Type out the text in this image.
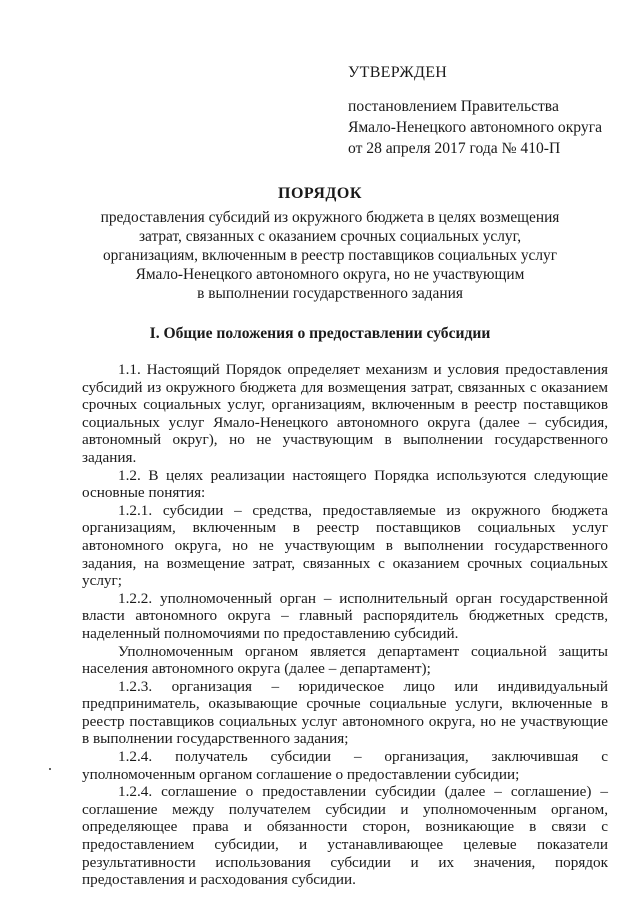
УТВЕРЖДЕН
постановлением Правительства
Ямало-Ненецкого автономного округа
от 28 апреля 2017 года № 410-П
ПОРЯДОК
предоставления субсидий из окружного бюджета в целях возмещения
затрат, связанных с оказанием срочных социальных услуг,
организациям, включенным в реестр поставщиков социальных услуг
Ямало-Ненецкого автономного округа, но не участвующим
в выполнении государственного задания
I. Общие положения о предоставлении субсидии

1.1. Настоящий Порядок определяет механизм и условия предоставления субсидий из окружного бюджета для возмещения затрат, связанных с оказанием срочных социальных услуг, организациям, включенным в реестр поставщиков социальных услуг Ямало-Ненецкого автономного округа (далее – субсидия, автономный округ), но не участвующим в выполнении государственного задания.

1.2. В целях реализации настоящего Порядка используются следующие основные понятия:

1.2.1. субсидии – средства, предоставляемые из окружного бюджета организациям, включенным в реестр поставщиков социальных услуг автономного округа, но не участвующим в выполнении государственного задания, на возмещение затрат, связанных с оказанием срочных социальных услуг;

1.2.2. уполномоченный орган – исполнительный орган государственной власти автономного округа – главный распорядитель бюджетных средств, наделенный полномочиями по предоставлению субсидий.

Уполномоченным органом является департамент социальной защиты населения автономного округа (далее – департамент);

1.2.3. организация – юридическое лицо или индивидуальный предприниматель, оказывающие срочные социальные услуги, включенные в реестр поставщиков социальных услуг автономного округа, но не участвующие в выполнении государственного задания;

1.2.4. получатель субсидии – организация, заключившая с уполномоченным органом соглашение о предоставлении субсидии;

1.2.4. соглашение о предоставлении субсидии (далее – соглашение) – соглашение между получателем субсидии и уполномоченным органом, определяющее права и обязанности сторон, возникающие в связи с предоставлением субсидии, и устанавливающее целевые показатели результативности использования субсидии и их значения, порядок предоставления и расходования субсидии.
